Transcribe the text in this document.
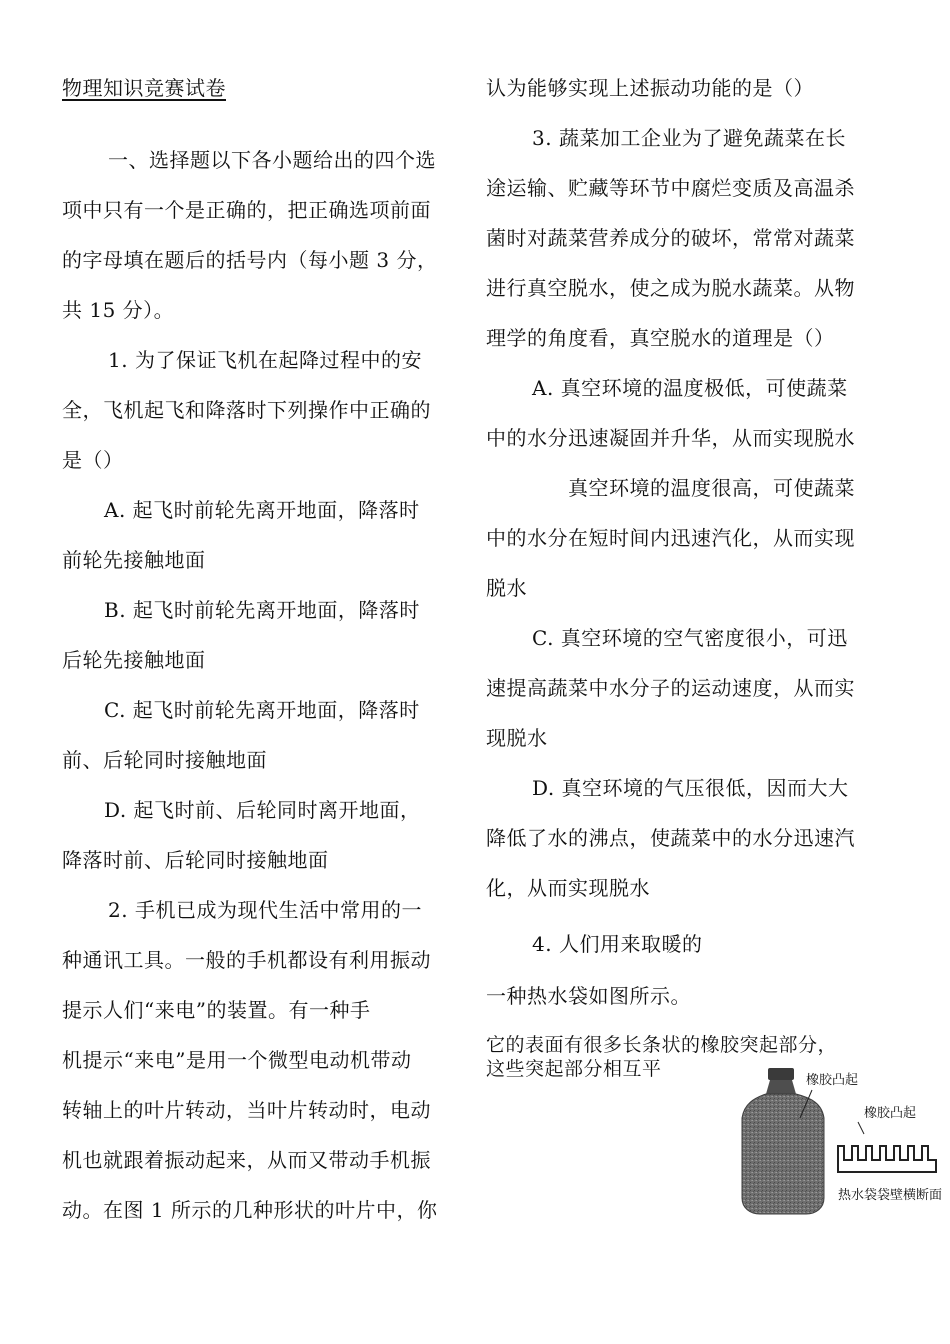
物理知识竞赛试卷
一、选择题以下各小题给出的四个选
项中只有一个是正确的，把正确选项前面
的字母填在题后的括号内（每小题 3 分，
共 15 分）。
1. 为了保证飞机在起降过程中的安
全，飞机起飞和降落时下列操作中正确的
是（）
A. 起飞时前轮先离开地面，降落时
前轮先接触地面
B. 起飞时前轮先离开地面，降落时
后轮先接触地面
C. 起飞时前轮先离开地面，降落时
前、后轮同时接触地面
D. 起飞时前、后轮同时离开地面，
降落时前、后轮同时接触地面
2. 手机已成为现代生活中常用的一
种通讯工具。一般的手机都设有利用振动
提示人们“来电”的装置。有一种手
机提示“来电”是用一个微型电动机带动
转轴上的叶片转动，当叶片转动时，电动
机也就跟着振动起来，从而又带动手机振
动。在图 1 所示的几种形状的叶片中，你
认为能够实现上述振动功能的是（）
3. 蔬菜加工企业为了避免蔬菜在长
途运输、贮藏等环节中腐烂变质及高温杀
菌时对蔬菜营养成分的破坏，常常对蔬菜
进行真空脱水，使之成为脱水蔬菜。从物
理学的角度看，真空脱水的道理是（）
A. 真空环境的温度极低，可使蔬菜
中的水分迅速凝固并升华，从而实现脱水
真空环境的温度很高，可使蔬菜
中的水分在短时间内迅速汽化，从而实现
脱水
C. 真空环境的空气密度很小，可迅
速提高蔬菜中水分子的运动速度，从而实
现脱水
D. 真空环境的气压很低，因而大大
降低了水的沸点，使蔬菜中的水分迅速汽
化，从而实现脱水
4. 人们用来取暖的
一种热水袋如图所示。
它的表面有很多长条状的橡胶突起部分，
这些突起部分相互平
橡胶凸起
橡胶凸起
热水袋袋壁横断面
